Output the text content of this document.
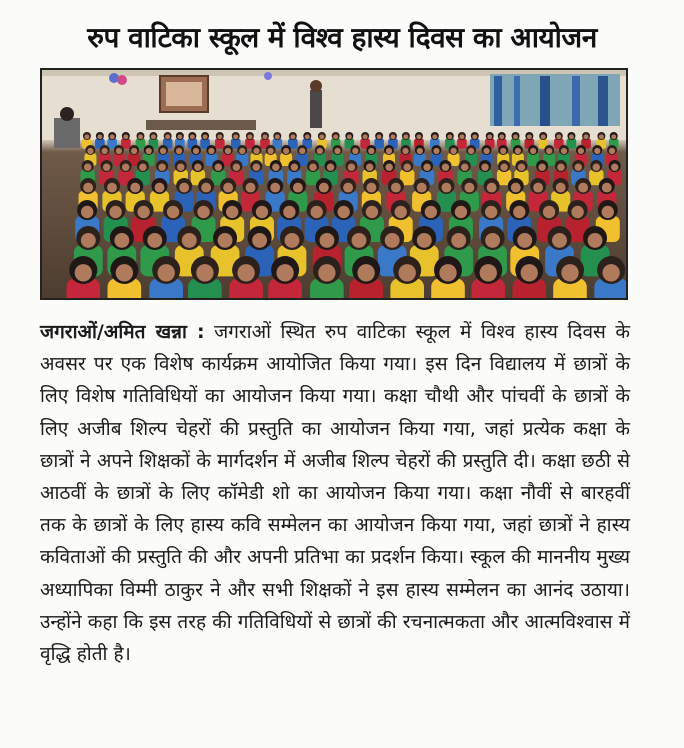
रुप वाटिका स्कूल में विश्व हास्य दिवस का आयोजन
जगराओं/अमित खन्ना : जगराओं स्थित रुप वाटिका स्कूल में विश्व हास्य दिवस के अवसर पर एक विशेष कार्यक्रम आयोजित किया गया। इस दिन विद्यालय में छात्रों के लिए विशेष गतिविधियों का आयोजन किया गया। कक्षा चौथी और पांचवीं के छात्रों के लिए अजीब शिल्प चेहरों की प्रस्तुति का आयोजन किया गया, जहां प्रत्येक कक्षा के छात्रों ने अपने शिक्षकों के मार्गदर्शन में अजीब शिल्प चेहरों की प्रस्तुति दी। कक्षा छठी से आठवीं के छात्रों के लिए कॉमेडी शो का आयोजन किया गया। कक्षा नौवीं से बारहवीं तक के छात्रों के लिए हास्य कवि सम्मेलन का आयोजन किया गया, जहां छात्रों ने हास्य कविताओं की प्रस्तुति की और अपनी प्रतिभा का प्रदर्शन किया। स्कूल की माननीय मुख्य अध्यापिका विम्मी ठाकुर ने और सभी शिक्षकों ने इस हास्य सम्मेलन का आनंद उठाया। उन्होंने कहा कि इस तरह की गतिविधियों से छात्रों की रचनात्मकता और आत्मविश्वास में वृद्धि होती है।
